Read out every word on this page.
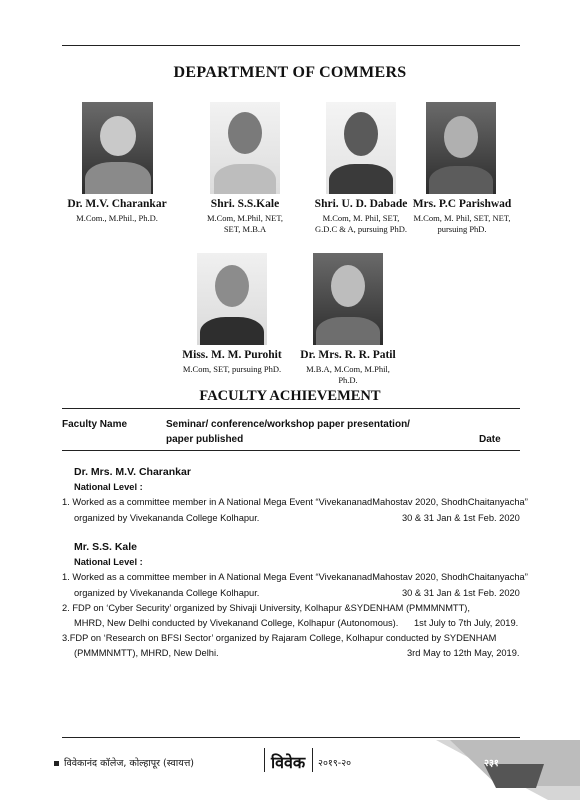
DEPARTMENT OF COMMERS
Dr. M.V. Charankar
M.Com., M.Phil., Ph.D.
Shri. S.S.Kale
M.Com, M.Phil, NET,
SET, M.B.A
Shri. U. D. Dabade
M.Com, M. Phil, SET,
G.D.C & A, pursuing PhD.
Mrs. P.C Parishwad
M.Com, M. Phil, SET, NET,
pursuing PhD.
Miss. M. M. Purohit
M.Com, SET, pursuing PhD.
Dr. Mrs. R. R. Patil
M.B.A, M.Com, M.Phil,
Ph.D.
FACULTY ACHIEVEMENT
Faculty Name	Seminar/ conference/workshop paper presentation/
paper published	Date
Dr. Mrs. M.V. Charankar
National Level :
1. Worked as a committee member in A National Mega Event “VivekananadMahostav 2020, ShodhChaitanyacha”
organized by Vivekananda College Kolhapur.	30 & 31 Jan & 1st Feb. 2020
Mr. S.S. Kale
National Level :
1. Worked as a committee member in A National Mega Event “VivekananadMahostav 2020, ShodhChaitanyacha”
organized by Vivekananda College Kolhapur.	30 & 31 Jan & 1st Feb. 2020
2. FDP on ‘Cyber Security’ organized by Shivaji University, Kolhapur &SYDENHAM (PMMMNMTT),
MHRD, New Delhi conducted by Vivekanand College, Kolhapur (Autonomous). 1st July to 7th July, 2019.
3.FDP on ‘Research on BFSI Sector’ organized by Rajaram College, Kolhapur conducted by SYDENHAM
(PMMMNMTT), MHRD, New Delhi.	3rd May to 12th May, 2019.
विवेकानंद कॉलेज, कोल्हापूर (स्वायत्त)	विवेक २०१९-२०	२३१
